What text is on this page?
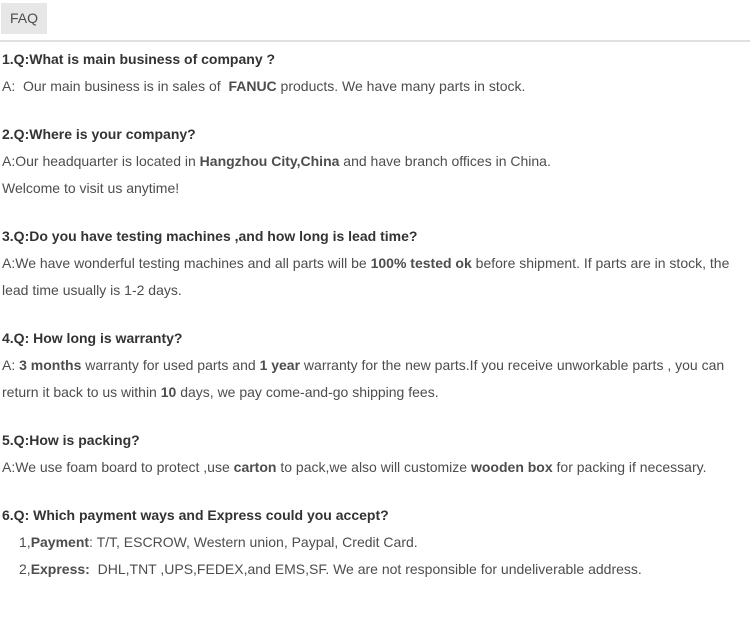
FAQ

1.Q:What is main business of company ?

A:  Our main business is in sales of  FANUC products. We have many parts in stock.

2.Q:Where is your company?

A:Our headquarter is located in Hangzhou City,China and have branch offices in China.

Welcome to visit us anytime!

3.Q:Do you have testing machines ,and how long is lead time?

A:We have wonderful testing machines and all parts will be 100% tested ok before shipment. If parts are in stock, the lead time usually is 1-2 days.

4.Q: How long is warranty?

A: 3 months warranty for used parts and 1 year warranty for the new parts.If you receive unworkable parts , you can return it back to us within 10 days, we pay come-and-go shipping fees.

5.Q:How is packing?

A:We use foam board to protect ,use carton to pack,we also will customize wooden box for packing if necessary.

6.Q: Which payment ways and Express could you accept?

1,Payment: T/T, ESCROW, Western union, Paypal, Credit Card.

2,Express:  DHL,TNT ,UPS,FEDEX,and EMS,SF. We are not responsible for undeliverable address.
